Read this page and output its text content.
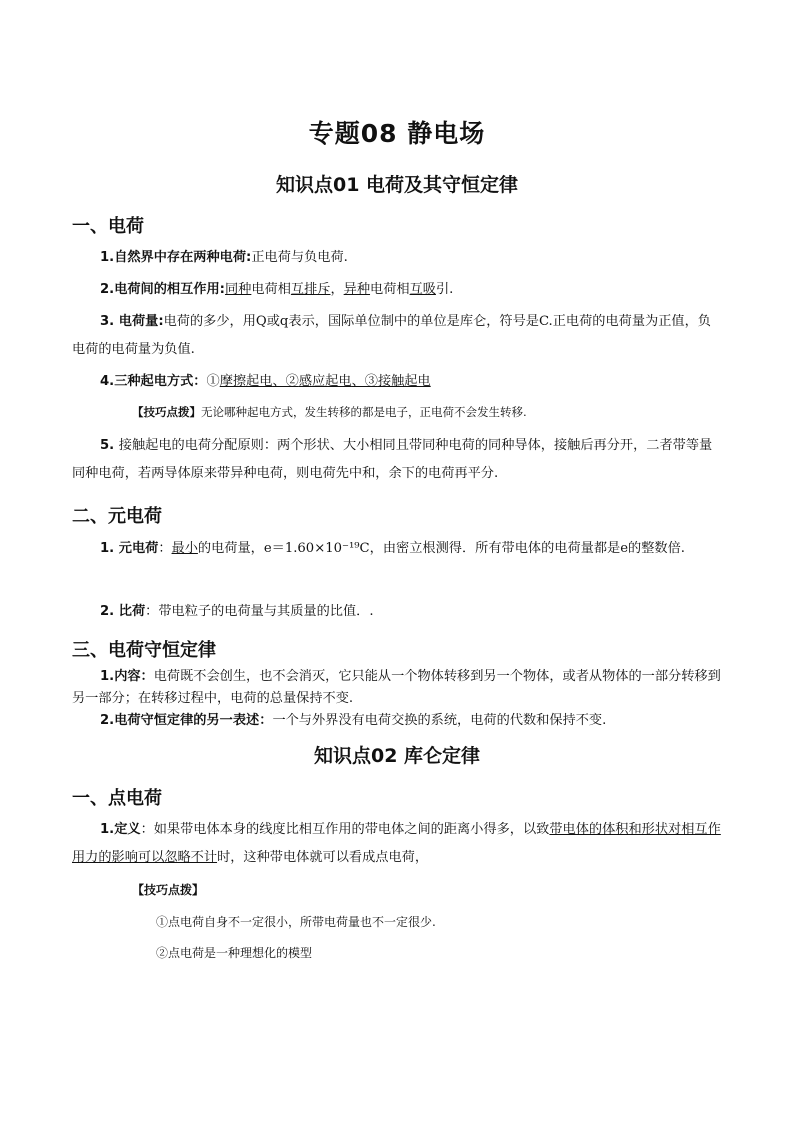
专题08 静电场
知识点01 电荷及其守恒定律
一、电荷
1.自然界中存在两种电荷:正电荷与负电荷.
2.电荷间的相互作用:同种电荷相互排斥，异种电荷相互吸引.
3. 电荷量:电荷的多少，用Q或q表示，国际单位制中的单位是库仑，符号是C.正电荷的电荷量为正值，负电荷的电荷量为负值.
4.三种起电方式：①摩擦起电、②感应起电、③接触起电
【技巧点拨】无论哪种起电方式，发生转移的都是电子，正电荷不会发生转移.
5. 接触起电的电荷分配原则：两个形状、大小相同且带同种电荷的同种导体，接触后再分开，二者带等量同种电荷，若两导体原来带异种电荷，则电荷先中和，余下的电荷再平分.
二、元电荷
1. 元电荷：最小的电荷量，e＝1.60×10⁻¹⁹C，由密立根测得．所有带电体的电荷量都是e的整数倍.
2. 比荷：带电粒子的电荷量与其质量的比值．.
三、电荷守恒定律
1.内容：电荷既不会创生，也不会消灭，它只能从一个物体转移到另一个物体，或者从物体的一部分转移到另一部分；在转移过程中，电荷的总量保持不变.
2.电荷守恒定律的另一表述：一个与外界没有电荷交换的系统，电荷的代数和保持不变.
知识点02 库仑定律
一、点电荷
1.定义：如果带电体本身的线度比相互作用的带电体之间的距离小得多，以致带电体的体积和形状对相互作用力的影响可以忽略不计时，这种带电体就可以看成点电荷，
【技巧点拨】
①点电荷自身不一定很小，所带电荷量也不一定很少.
②点电荷是一种理想化的模型
